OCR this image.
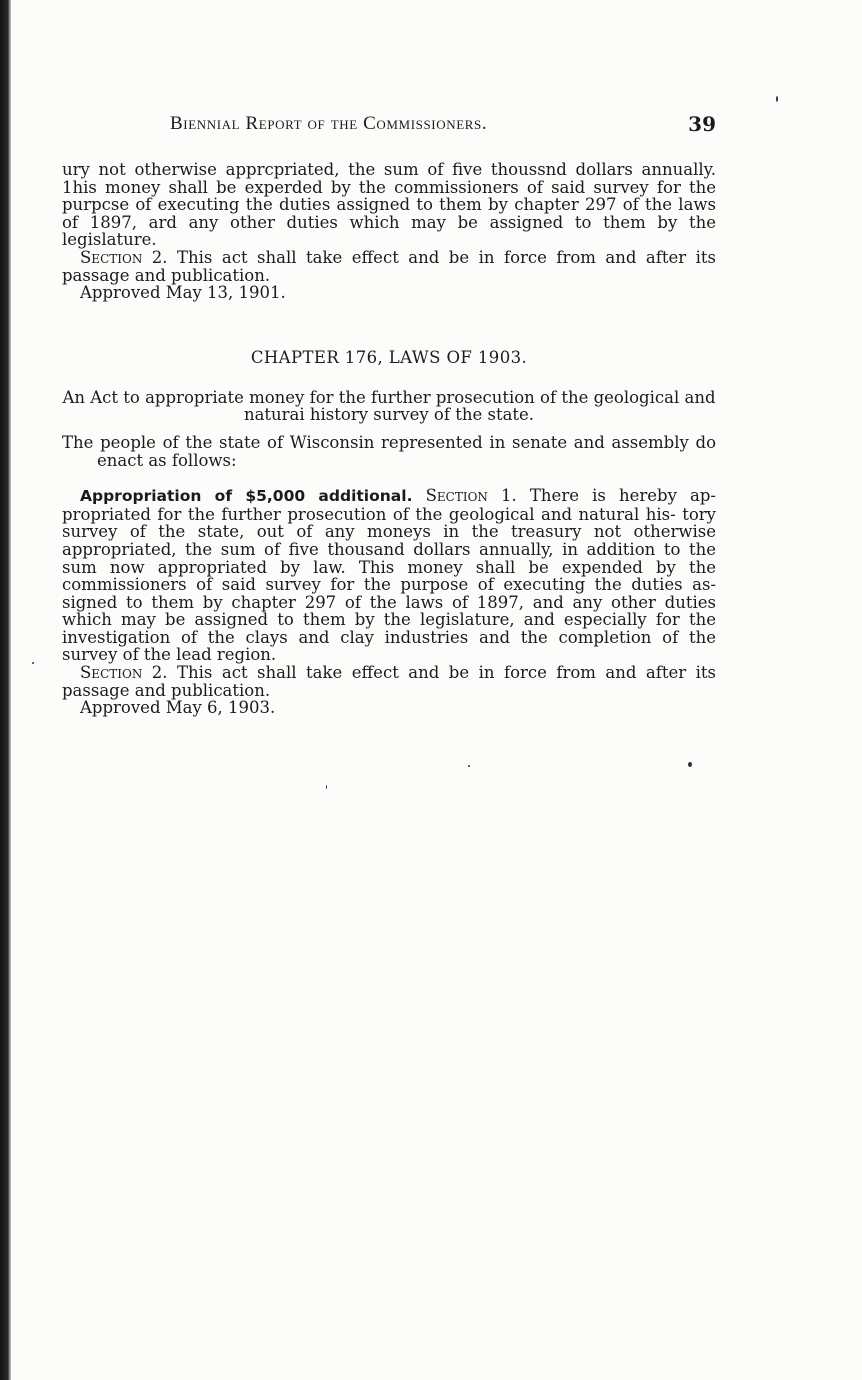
Biennial Report of the Commissioners.	39

ury not otherwise apprcpriated, the sum of five thoussnd dollars annually. 1his money shall be experded by the commissioners of said survey for the purpcse of executing the duties assigned to them by chapter 297 of the laws of 1897, ard any other duties which may be assigned to them by the legislature.

Section 2. This act shall take effect and be in force from and after its passage and publication.

Approved May 13, 1901.

CHAPTER 176, LAWS OF 1903.

An Act to appropriate money for the further prosecution of the geological and naturai history survey of the state.

The people of the state of Wisconsin represented in senate and assembly do enact as follows:

Appropriation of $5,000 additional. Section 1. There is hereby ap- propriated for the further prosecution of the geological and natural his- tory survey of the state, out of any moneys in the treasury not otherwise appropriated, the sum of five thousand dollars annually, in addition to the sum now appropriated by law. This money shall be expended by the commissioners of said survey for the purpose of executing the duties as- signed to them by chapter 297 of the laws of 1897, and any other duties which may be assigned to them by the legislature, and especially for the investigation of the clays and clay industries and the completion of the survey of the lead region.

Section 2. This act shall take effect and be in force from and after its passage and publication.

Approved May 6, 1903.
